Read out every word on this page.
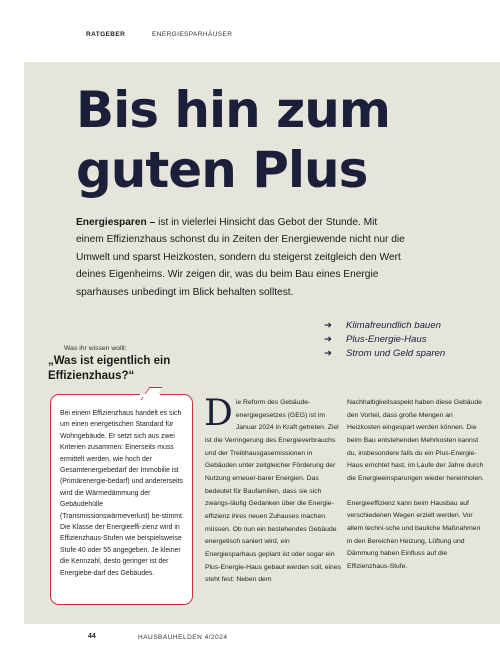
RATGEBER	ENERGIESPARHÄUSER
Bis hin zum
guten Plus
Energiesparen – ist in vielerlei Hinsicht das Gebot der Stunde. Mit einem Effizienzhaus schonst du in Zeiten der Energiewende nicht nur die Umwelt und sparst Heizkosten, sondern du steigerst zeitgleich den Wert deines Eigenheims. Wir zeigen dir, was du beim Bau eines Energie sparhauses unbedingt im Blick behalten solltest.
➜ Klimafreundlich bauen
➜ Plus-Energie-Haus
➜ Strom und Geld sparen
Was ihr wissen wollt:
„Was ist eigentlich ein Effizienzhaus?“

Bei einem Effizienzhaus handelt es sich um einen energetischen Standard für Wohngebäude. Er setzt sich aus zwei Kriterien zusammen: Einerseits muss ermittelt werden, wie hoch der Gesamtenergiebedarf der Immobilie ist (Primärenergie-bedarf) und andererseits wird die Wärmedämmung der Gebäudehülle (Transmissionswärmeverlust) be-stimmt. Die Klasse der Energieeffi-zienz wird in Effizienzhaus-Stufen wie beispielsweise Stufe 40 oder 55 angegeben. Je kleiner die Kennzahl, desto geringer ist der Energiebe-darf des Gebäudes.

D ie Reform des Gebäude-energiegesetzes (GEG) ist im Januar 2024 in Kraft getreten. Ziel ist die Verringerung des Energieverbrauchs und der Treibhausgasemissionen in Gebäuden unter zeitgleicher Förderung der Nutzung erneuer-barer Energien. Das bedeutet für Baufamilien, dass sie sich zwangs-läufig Gedanken über die Energie-effizienz ihres neuen Zuhauses machen müssen. Ob nun ein bestehendes Gebäude energetisch saniert wird, ein Energiesparhaus geplant ist oder sogar ein Plus-Energie-Haus gebaut werden soll, eines steht fest: Neben dem

Nachhaltigkeitsaspekt haben diese Gebäude den Vorteil, dass große Mengen an Heizkosten eingespart werden können. Die beim Bau entstehenden Mehrkosten kannst du, insbesondere falls du ein Plus-Energie-Haus errichtet hast, im Laufe der Jahre durch die Energieeinsparungen wieder hereinholen.

Energieeffizienz kann beim Hausbau auf verschiedenen Wegen erzielt werden. Vor allem techni-sche und bauliche Maßnahmen in den Bereichen Heizung, Lüftung und Dämmung haben Einfluss auf die Effizienzhaus-Stufe.

44	HAUSBAUHELDEN 4/2024
